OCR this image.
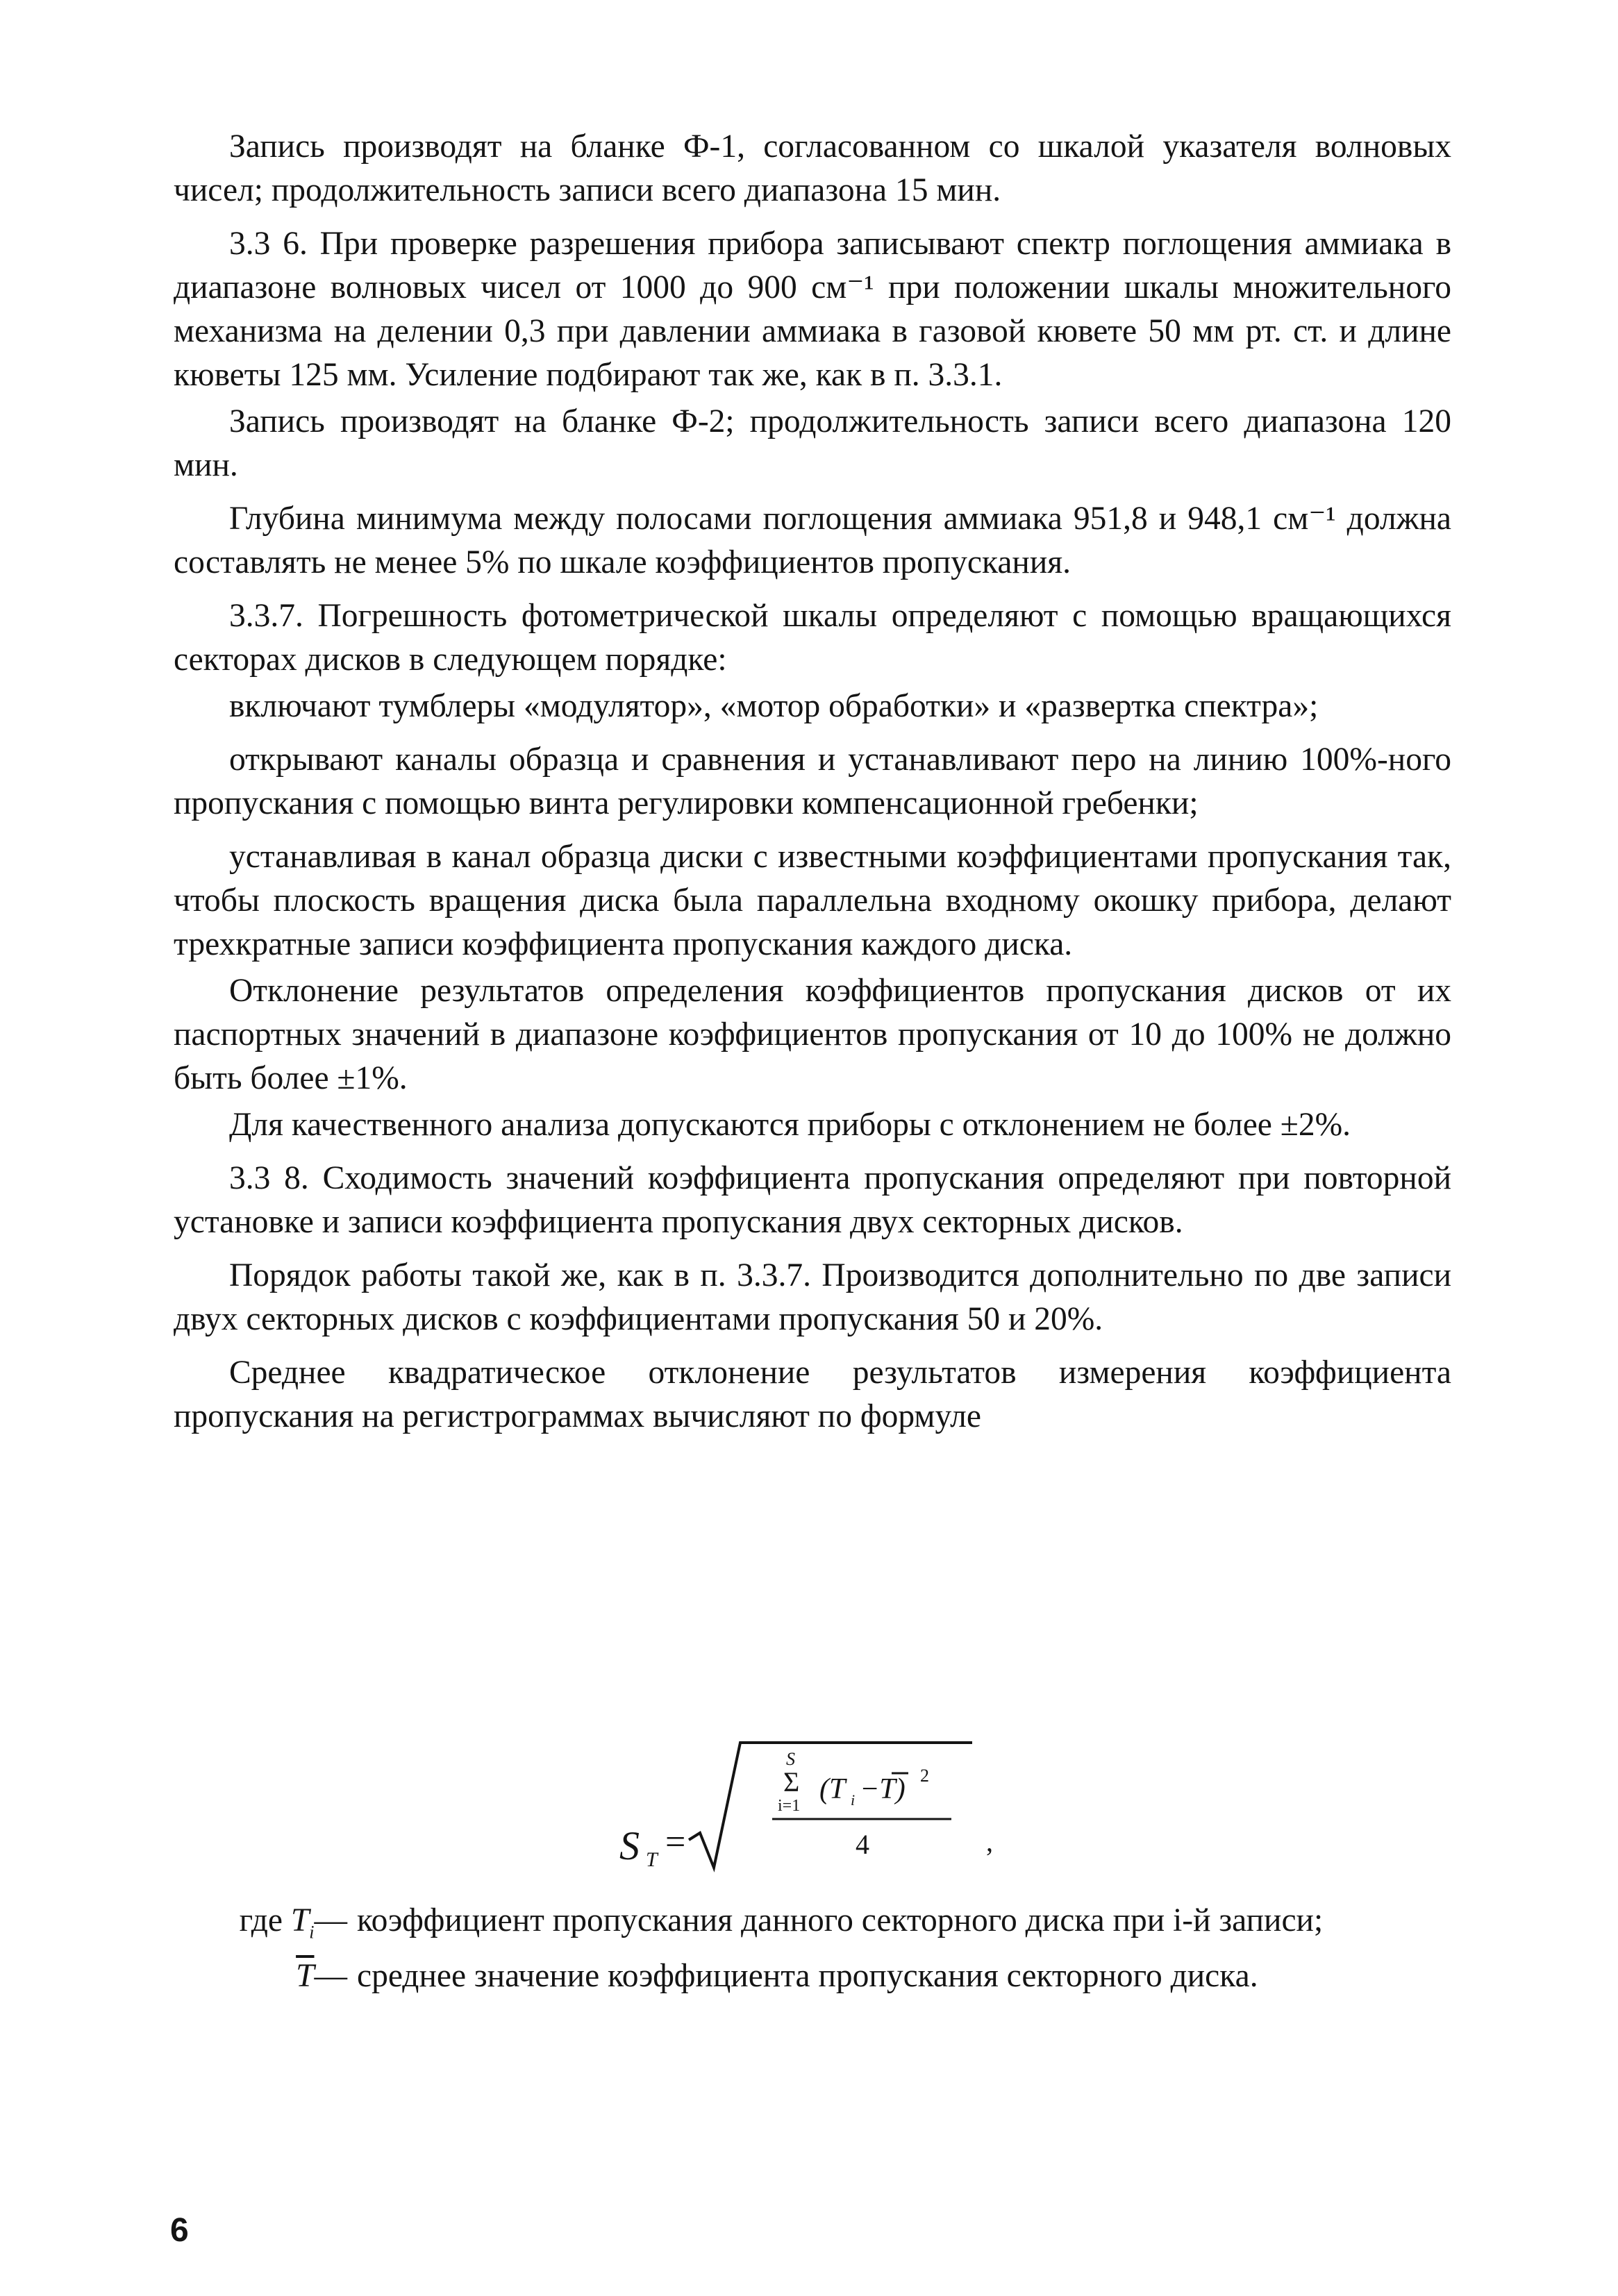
Запись производят на бланке Ф-1, согласованном со шкалой указателя волновых чисел; продолжительность записи всего диапазона 15 мин.

3.3 6. При проверке разрешения прибора записывают спектр поглощения аммиака в диапазоне волновых чисел от 1000 до 900 см⁻¹ при положении шкалы множительного механизма на делении 0,3 при давлении аммиака в газовой кювете 50 мм рт. ст. и длине кюветы 125 мм. Усиление подбирают так же, как в п. 3.3.1.

Запись производят на бланке Ф-2; продолжительность записи всего диапазона 120 мин.

Глубина минимума между полосами поглощения аммиака 951,8 и 948,1 см⁻¹ должна составлять не менее 5% по шкале коэффициентов пропускания.

3.3.7. Погрешность фотометрической шкалы определяют с помощью вращающихся секторах дисков в следующем порядке:

включают тумблеры «модулятор», «мотор обработки» и «развертка спектра»;

открывают каналы образца и сравнения и устанавливают перо на линию 100%-ного пропускания с помощью винта регулировки компенсационной гребенки;

устанавливая в канал образца диски с известными коэффициентами пропускания так, чтобы плоскость вращения диска была параллельна входному окошку прибора, делают трехкратные записи коэффициента пропускания каждого диска.

Отклонение результатов определения коэффициентов пропускания дисков от их паспортных значений в диапазоне коэффициентов пропускания от 10 до 100% не должно быть более ±1%.

Для качественного анализа допускаются приборы с отклонением не более ±2%.

3.3 8. Сходимость значений коэффициента пропускания определяют при повторной установке и записи коэффициента пропускания двух секторных дисков.

Порядок работы такой же, как в п. 3.3.7. Производится дополнительно по две записи двух секторных дисков с коэффициентами пропускания 50 и 20%.

Среднее квадратическое отклонение результатов измерения коэффициента пропускания на регистрограммах вычисляют по формуле

S T =
S
Σ
i=1
(T i −T) 2
4	,
где $T_i—$ коэффициент пропускания данного секторного диска при i-й записи;
$\overline{T}—$ среднее значение коэффициента пропускания секторного диска.
6
